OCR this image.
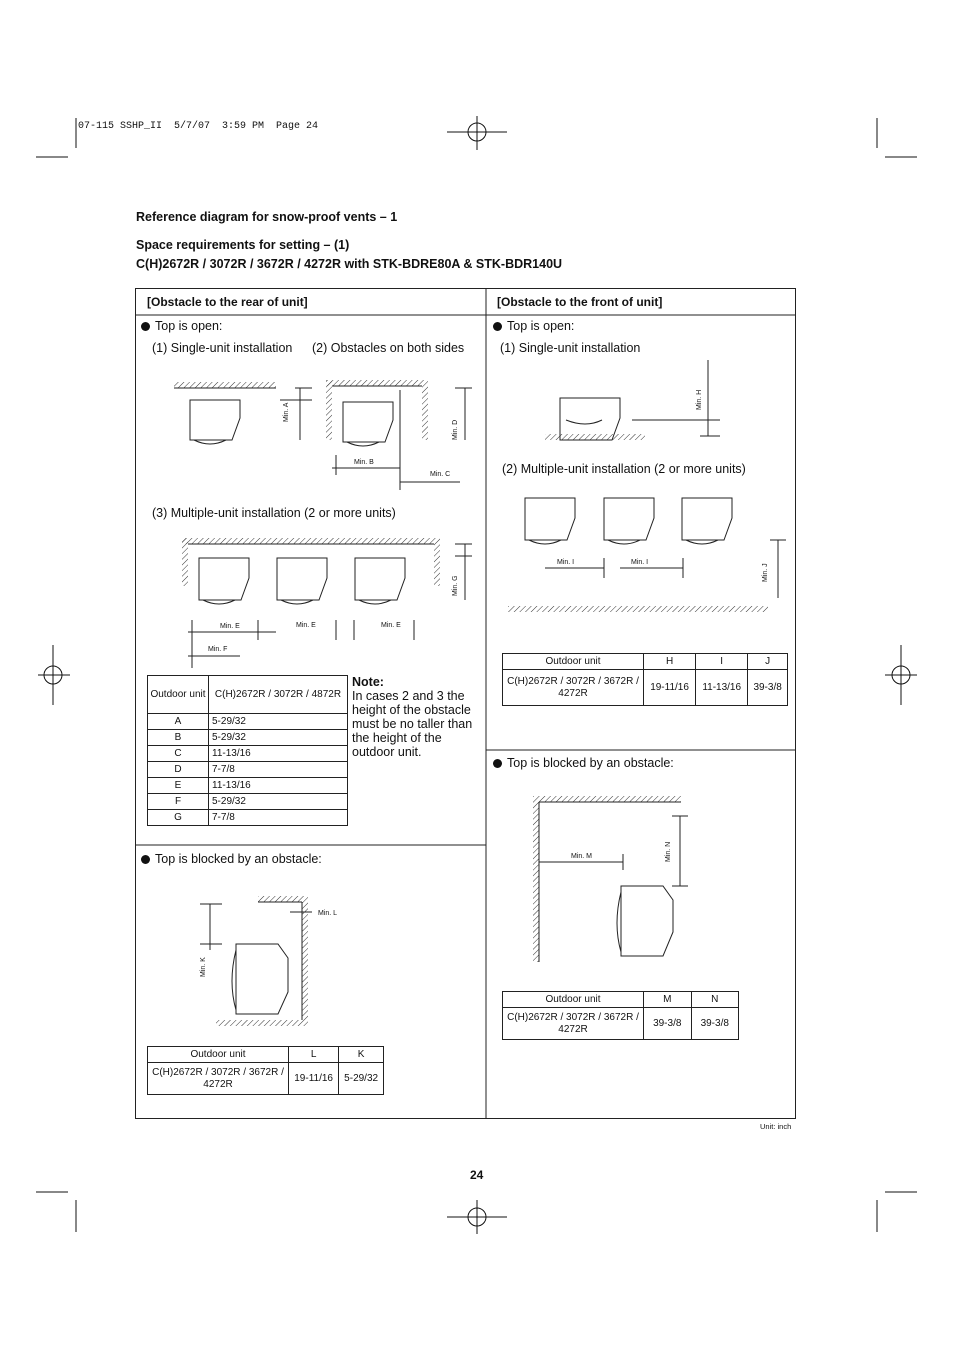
07-115 SSHP_II  5/7/07  3:59 PM  Page 24
Reference diagram for snow-proof vents – 1
Space requirements for setting – (1)
C(H)2672R / 3072R / 3672R / 4272R with STK-BDRE80A & STK-BDR140U
[Obstacle to the rear of unit]
Top is open:
(1) Single-unit installation (2) Obstacles on both sides
Min. A
Min. D
Min. B
Min. C
(3) Multiple-unit installation (2 or more units)
Min. E	Min. E	Min. E
Min. F
Min. G
Outdoor unit	C(H)2672R / 3072R / 4872R
A	5-29/32
B	5-29/32
C	11-13/16
D	7-7/8
E	11-13/16
F	5-29/32
G	7-7/8
Note:
In cases 2 and 3 the
height of the obstacle
must be no taller than
the height of the
outdoor unit.
Top is blocked by an obstacle:
Min. L
Min. K
Outdoor unit	L	K
C(H)2672R / 3072R / 3672R / 4272R	19-11/16	5-29/32
[Obstacle to the front of unit]
Top is open:
(1) Single-unit installation
Min. H
(2) Multiple-unit installation (2 or more units)
Min. I	Min. I
Min. J
Outdoor unit	H	I	J
C(H)2672R / 3072R / 3672R / 4272R	19-11/16	11-13/16	39-3/8
Top is blocked by an obstacle:
Min. M	Min. N
Outdoor unit	M	N
C(H)2672R / 3072R / 3672R / 4272R	39-3/8	39-3/8
Unit: inch
24
